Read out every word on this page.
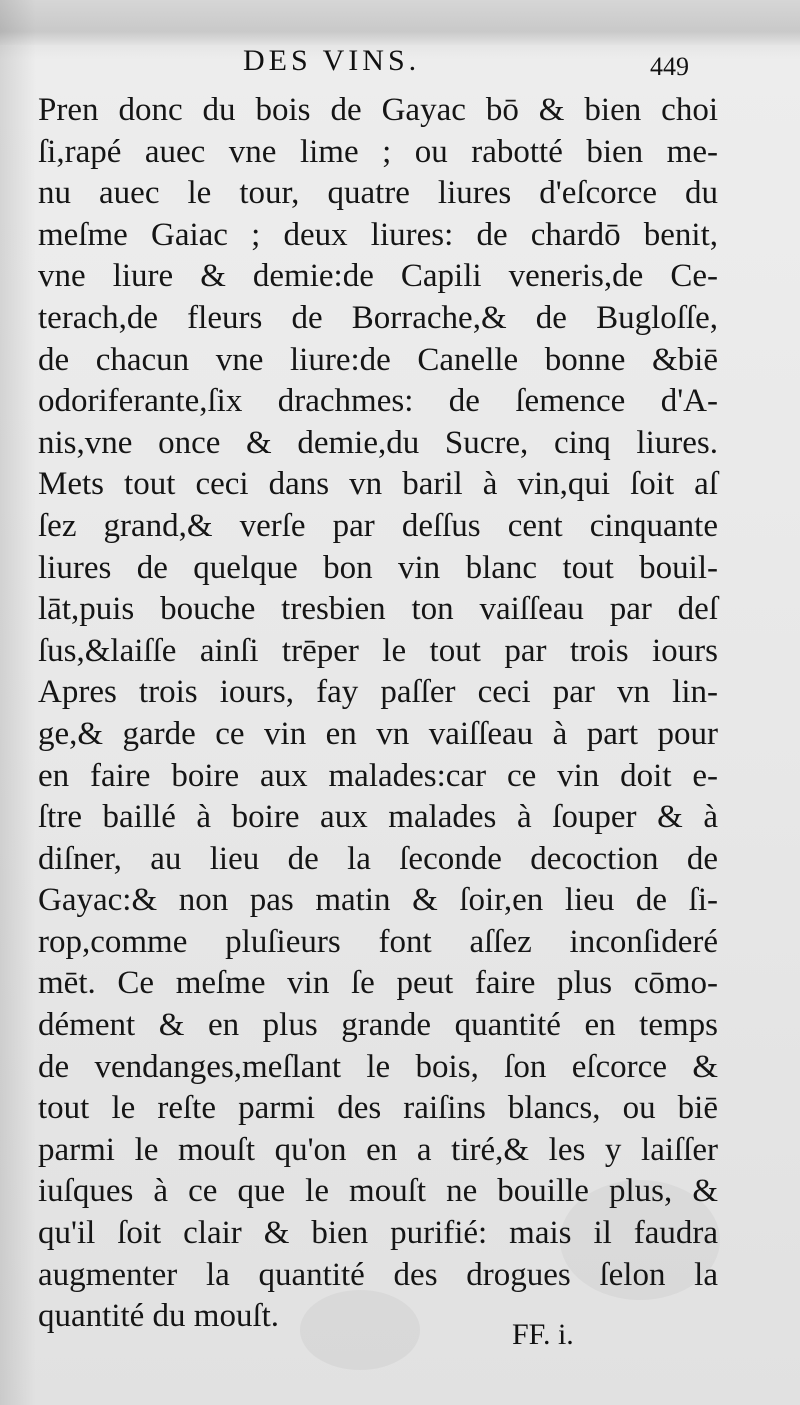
DES VINS.	449
Pren donc du bois de Gayac bō & bien choi
ſi,rapé auec vne lime ; ou rabotté bien me-
nu auec le tour, quatre liures d'eſcorce du
meſme Gaiac ; deux liures: de chardō benit,
vne liure & demie:de Capili veneris,de Ce-
terach,de fleurs de Borrache,& de Bugloſſe,
de chacun vne liure:de Canelle bonne &biē
odoriferante,ſix drachmes: de ſemence d'A-
nis,vne once & demie,du Sucre, cinq liures.
Mets tout ceci dans vn baril à vin,qui ſoit aſ
ſez grand,& verſe par deſſus cent cinquante
liures de quelque bon vin blanc tout bouil-
lāt,puis bouche tresbien ton vaiſſeau par deſ
ſus,&laiſſe ainſi trēper le tout par trois iours
Apres trois iours, fay paſſer ceci par vn lin-
ge,& garde ce vin en vn vaiſſeau à part pour
en faire boire aux malades:car ce vin doit e-
ſtre baillé à boire aux malades à ſouper & à
diſner, au lieu de la ſeconde decoction de
Gayac:& non pas matin & ſoir,en lieu de ſi-
rop,comme pluſieurs font aſſez inconſideré
mēt. Ce meſme vin ſe peut faire plus cōmo-
dément & en plus grande quantité en temps
de vendanges,meſlant le bois, ſon eſcorce &
tout le reſte parmi des raiſins blancs, ou biē
parmi le mouſt qu'on en a tiré,& les y laiſſer
iuſques à ce que le mouſt ne bouille plus, &
qu'il ſoit clair & bien purifié: mais il faudra
augmenter la quantité des drogues ſelon la
quantité du mouſt.
FF. i.
